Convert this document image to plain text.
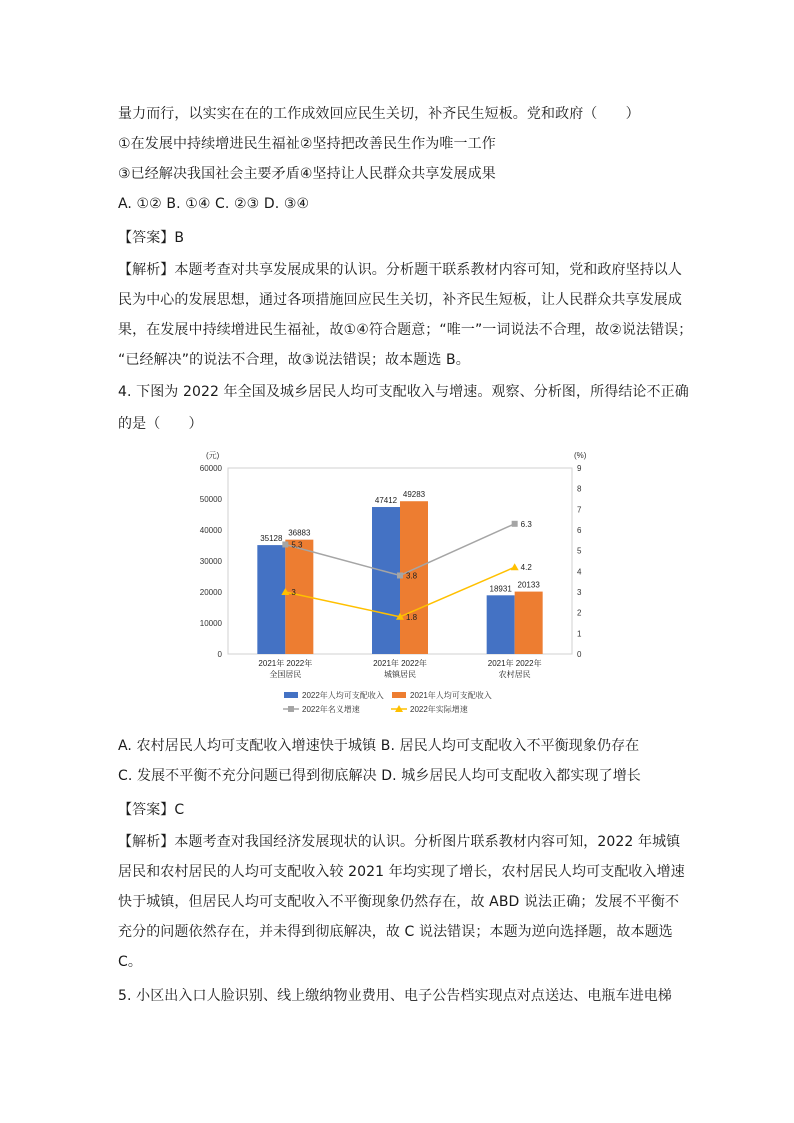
量力而行，以实实在在的工作成效回应民生关切，补齐民生短板。党和政府（　　）
①在发展中持续增进民生福祉②坚持把改善民生作为唯一工作
③已经解决我国社会主要矛盾④坚持让人民群众共享发展成果
A. ①② B. ①④ C. ②③ D. ③④
【答案】B
【解析】本题考查对共享发展成果的认识。分析题干联系教材内容可知，党和政府坚持以人
民为中心的发展思想，通过各项措施回应民生关切，补齐民生短板，让人民群众共享发展成
果，在发展中持续增进民生福祉，故①④符合题意；“唯一”一词说法不合理，故②说法错误；
“已经解决”的说法不合理，故③说法错误；故本题选 B。
4. 下图为 2022 年全国及城乡居民人均可支配收入与增速。观察、分析图，所得结论不正确
的是（　　）
A. 农村居民人均可支配收入增速快于城镇 B. 居民人均可支配收入不平衡现象仍存在
C. 发展不平衡不充分问题已得到彻底解决 D. 城乡居民人均可支配收入都实现了增长
【答案】C
【解析】本题考查对我国经济发展现状的认识。分析图片联系教材内容可知，2022 年城镇
居民和农村居民的人均可支配收入较 2021 年均实现了增长，农村居民人均可支配收入增速
快于城镇，但居民人均可支配收入不平衡现象仍然存在，故 ABD 说法正确；发展不平衡不
充分的问题依然存在，并未得到彻底解决，故 C 说法错误；本题为逆向选择题，故本题选
C。
5. 小区出入口人脸识别、线上缴纳物业费用、电子公告档实现点对点送达、电瓶车进电梯
(元)	(%)
0
10000
20000
30000
40000
50000
60000
0
1
2
3
4
5
6
7
8
9
35128
47412
18931
36883
49283
20133
5.3
3.8
6.3
3
1.8
4.2
2021年 2022年
全国居民
2021年 2022年
城镇居民
2021年 2022年
农村居民
2022年人均可支配收入	2021年人均可支配收入
2022年名义增速	2022年实际增速
